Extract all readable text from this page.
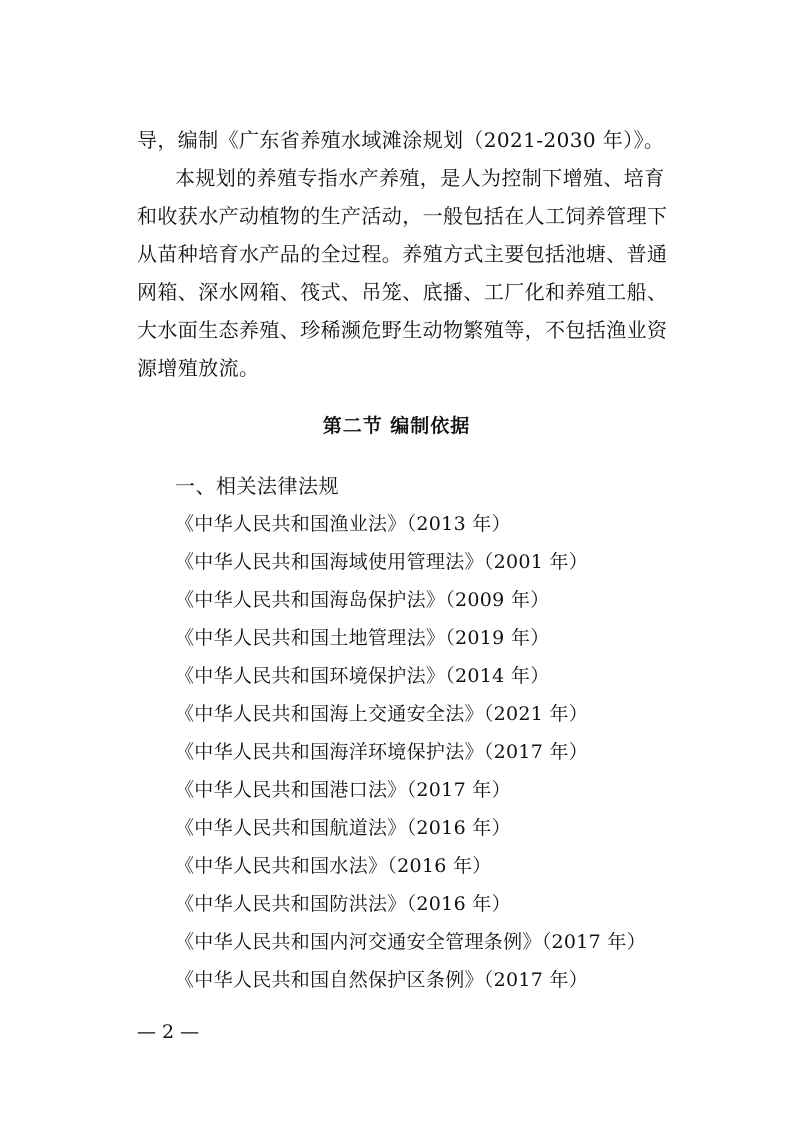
导，编制《广东省养殖水域滩涂规划（2021-2030 年）》。
本规划的养殖专指水产养殖，是人为控制下增殖、培育
和收获水产动植物的生产活动，一般包括在人工饲养管理下
从苗种培育水产品的全过程。养殖方式主要包括池塘、普通
网箱、深水网箱、筏式、吊笼、底播、工厂化和养殖工船、
大水面生态养殖、珍稀濒危野生动物繁殖等，不包括渔业资
源增殖放流。
第二节 编制依据
一、相关法律法规
《中华人民共和国渔业法》（2013 年）
《中华人民共和国海域使用管理法》（2001 年）
《中华人民共和国海岛保护法》（2009 年）
《中华人民共和国土地管理法》（2019 年）
《中华人民共和国环境保护法》（2014 年）
《中华人民共和国海上交通安全法》（2021 年）
《中华人民共和国海洋环境保护法》（2017 年）
《中华人民共和国港口法》（2017 年）
《中华人民共和国航道法》（2016 年）
《中华人民共和国水法》（2016 年）
《中华人民共和国防洪法》（2016 年）
《中华人民共和国内河交通安全管理条例》（2017 年）
《中华人民共和国自然保护区条例》（2017 年）
— 2 —
